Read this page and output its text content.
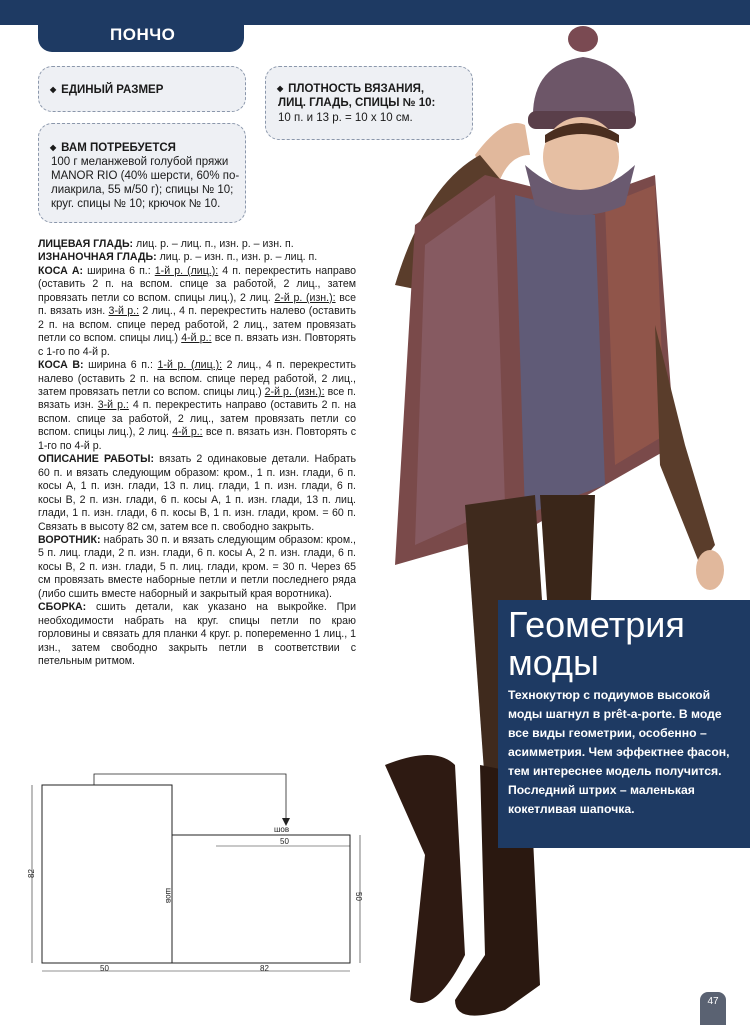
ПОНЧО
◆ ЕДИНЫЙ РАЗМЕР
◆ ВАМ ПОТРЕБУЕТСЯ
100 г меланжевой голубой пряжи
MANOR RIO (40% шерсти, 60% по-
лиакрила, 55 м/50 г); спицы № 10;
круг. спицы № 10; крючок № 10.
◆ ПЛОТНОСТЬ ВЯЗАНИЯ,
ЛИЦ. ГЛАДЬ, СПИЦЫ № 10:
10 п. и 13 р. = 10 х 10 см.

ЛИЦЕВАЯ ГЛАДЬ: лиц. р. – лиц. п., изн. р. – изн. п.

ИЗНАНОЧНАЯ ГЛАДЬ: лиц. р. – изн. п., изн. р. – лиц. п.

КОСА А: ширина 6 п.: 1-й р. (лиц.): 4 п. перекрестить направо (оставить 2 п. на вспом. спице за работой, 2 лиц., затем провязать петли со вспом. спицы лиц.), 2 лиц. 2-й р. (изн.): все п. вязать изн. 3-й р.: 2 лиц., 4 п. перекрестить налево (оставить 2 п. на вспом. спице перед работой, 2 лиц., затем провязать петли со вспом. спицы лиц.) 4-й р.: все п. вязать изн. Повторять с 1-го по 4-й р.

КОСА В: ширина 6 п.: 1-й р. (лиц.): 2 лиц., 4 п. перекрестить налево (оставить 2 п. на вспом. спице перед работой, 2 лиц., затем провязать петли со вспом. спицы лиц.) 2-й р. (изн.): все п. вязать изн. 3-й р.: 4 п. перекрестить направо (оставить 2 п. на вспом. спице за работой, 2 лиц., затем провязать петли со вспом. спицы лиц.), 2 лиц. 4-й р.: все п. вязать изн. Повторять с 1-го по 4-й р.

ОПИСАНИЕ РАБОТЫ: вязать 2 одинаковые детали. Набрать 60 п. и вязать следующим образом: кром., 1 п. изн. глади, 6 п. косы А, 1 п. изн. глади, 13 п. лиц. глади, 1 п. изн. глади, 6 п. косы В, 2 п. изн. глади, 6 п. косы А, 1 п. изн. глади, 13 п. лиц. глади, 1 п. изн. глади, 6 п. косы В, 1 п. изн. глади, кром. = 60 п. Связать в высоту 82 см, затем все п. свободно закрыть.

ВОРОТНИК: набрать 30 п. и вязать следующим образом: кром., 5 п. лиц. глади, 2 п. изн. глади, 6 п. косы А, 2 п. изн. глади, 6 п. косы В, 2 п. изн. глади, 5 п. лиц. глади, кром. = 30 п. Через 65 см провязать вместе наборные петли и петли последнего ряда (либо сшить вместе наборный и закрытый края воротника).

СБОРКА: сшить детали, как указано на выкройке. При необходимости набрать на круг. спицы петли по краю горловины и связать для планки 4 круг. р. попеременно 1 лиц., 1 изн., затем свободно закрыть петли в соответствии с петельным ритмом.

шов
82
шов
50	82
50
50
Геометрия
моды
Технокутюр с подиумов высокой моды шагнул в prêt-a-porte. В моде все виды геометрии, особенно – асимметрия. Чем эффектнее фасон, тем интереснее модель получится. Последний штрих – маленькая кокетливая шапочка.
47
